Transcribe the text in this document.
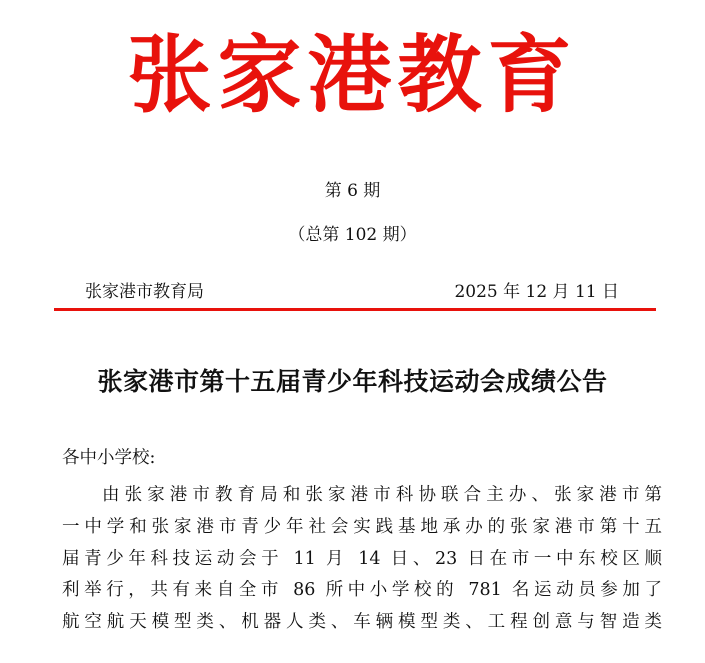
张家港教育
第 6 期
（总第 102 期）
张家港市教育局	2025 年 12 月 11 日
张家港市第十五届青少年科技运动会成绩公告
各中小学校:
由张家港市教育局和张家港市科协联合主办、张家港市第
一中学和张家港市青少年社会实践基地承办的张家港市第十五
届青少年科技运动会于 11 月 14 日、23 日在市一中东校区顺
利举行，共有来自全市 86 所中小学校的 781 名运动员参加了
航空航天模型类、机器人类、车辆模型类、工程创意与智造类
